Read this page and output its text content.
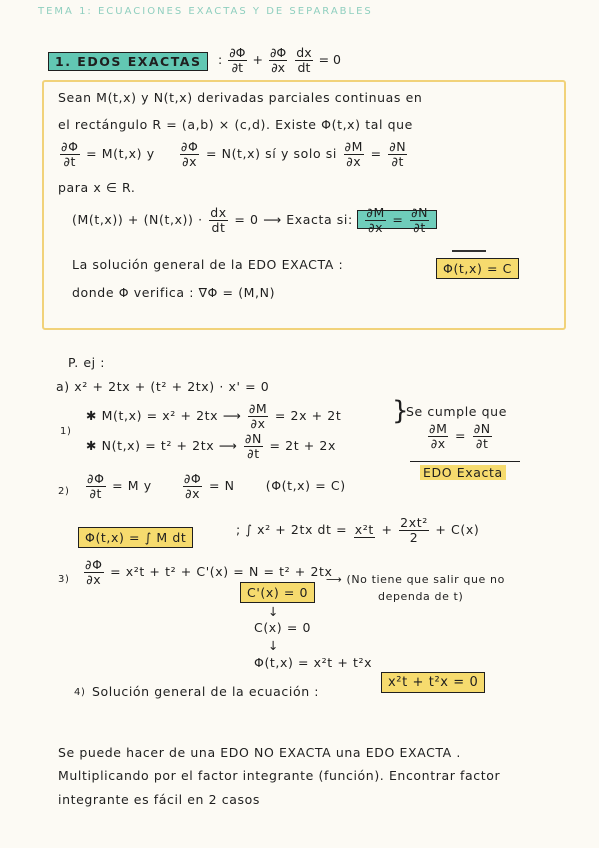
TEMA 1: ECUACIONES EXACTAS Y DE SEPARABLES
1. EDOS EXACTAS	: $\frac{\partial\Phi}{\partial t} + \frac{\partial\Phi}{\partial x}$
$\frac{dx}{dt} = 0$
Sean M(t,x) y N(t,x) derivadas parciales continuas en
el rectángulo R = (a,b) × (c,d). Existe Φ(t,x) tal que
$\frac{\partial\Phi}{\partial t} = M(t,x)$ y $\frac{\partial\Phi}{\partial x} = N(t,x)$ sí y solo si $\frac{\partial M}{\partial x} = \frac{\partial N}{\partial t}$
para x ∈ R.
$(M(t,x)) + (N(t,x)) \cdot \frac{dx}{dt} = 0$ ⟶ Exacta si: $\frac{\partial M}{\partial x} = \frac{\partial N}{\partial t}$
La solución general de la EDO EXACTA :	Φ(t,x) = C
donde Φ verifica : ∇Φ = (M,N)
P. ej :
a) x² + 2tx + (t² + 2tx) · x' = 0
1)
✱ M(t,x) = x² + 2tx ⟶ $\frac{\partial M}{\partial x} = 2x + 2t$
✱ N(t,x) = t² + 2tx ⟶ $\frac{\partial N}{\partial t} = 2t + 2x$
}
Se cumple que
$\frac{\partial M}{\partial x} = \frac{\partial N}{\partial t}$
EDO Exacta
$2) \frac{\partial\Phi}{\partial t} = M$ y $\frac{\partial\Phi}{\partial x} = N$ (Φ(t,x) = C)
Φ(t,x) = ∫ M dt
; ∫ x² + 2tx dt = $x^2t + \frac{\text{2xt²}}{2} + C(x)$
$3) \frac{\partial\Phi}{\partial x} = x^2t + t^2 + C'(x) = N = t^2 + 2tx$
C'(x) = 0
⟶ (No tiene que salir que no
dependa de t)
↓
C(x) = 0
↓
Φ(t,x) = x²t + t²x
4) Solución general de la ecuación :
x²t + t²x = 0
Se puede hacer de una EDO NO EXACTA una EDO EXACTA .
Multiplicando por el factor integrante (función). Encontrar factor
integrante es fácil en 2 casos
